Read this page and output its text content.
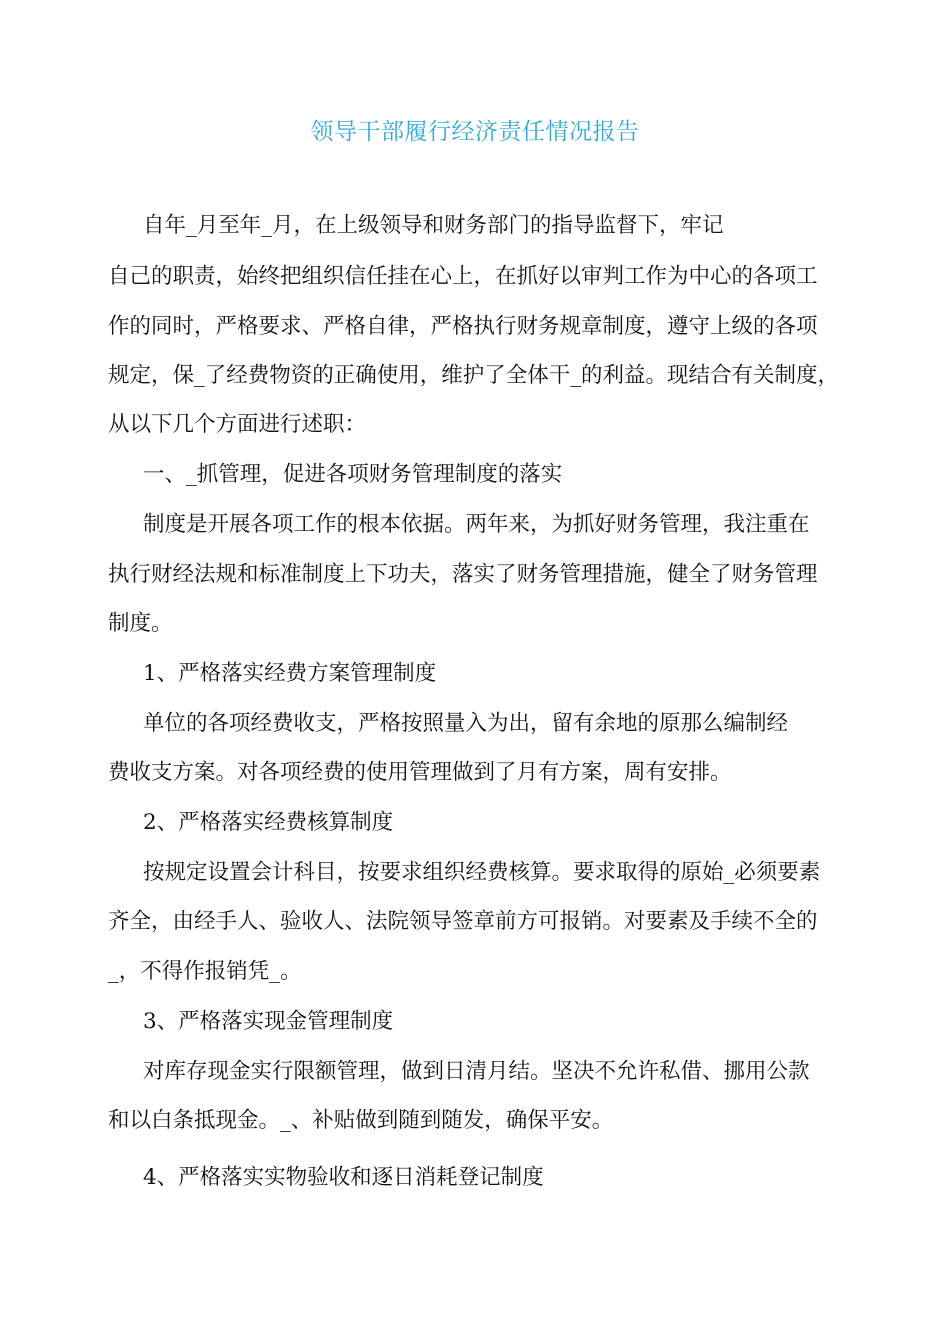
领导干部履行经济责任情况报告
自年_月至年_月，在上级领导和财务部门的指导监督下，牢记
自己的职责，始终把组织信任挂在心上，在抓好以审判工作为中心的各项工
作的同时，严格要求、严格自律，严格执行财务规章制度，遵守上级的各项
规定，保_了经费物资的正确使用，维护了全体干_的利益。现结合有关制度，
从以下几个方面进行述职：
一、_抓管理，促进各项财务管理制度的落实
制度是开展各项工作的根本依据。两年来，为抓好财务管理，我注重在
执行财经法规和标准制度上下功夫，落实了财务管理措施，健全了财务管理
制度。
1、严格落实经费方案管理制度
单位的各项经费收支，严格按照量入为出，留有余地的原那么编制经
费收支方案。对各项经费的使用管理做到了月有方案，周有安排。
2、严格落实经费核算制度
按规定设置会计科目，按要求组织经费核算。要求取得的原始_必须要素
齐全，由经手人、验收人、法院领导签章前方可报销。对要素及手续不全的
_，不得作报销凭_。
3、严格落实现金管理制度
对库存现金实行限额管理，做到日清月结。坚决不允许私借、挪用公款
和以白条抵现金。_、补贴做到随到随发，确保平安。
4、严格落实实物验收和逐日消耗登记制度
